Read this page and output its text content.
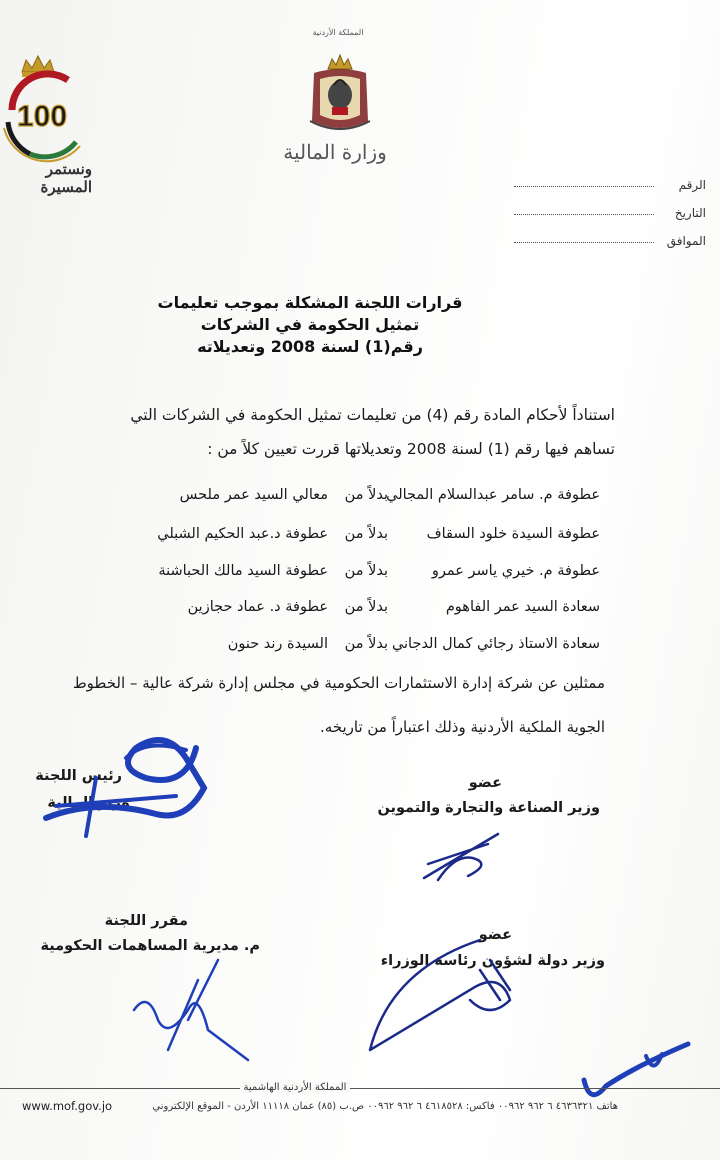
100
ونستمر المسيرة
المملكة الأردنية
وزارة المالية
الرقم
التاريخ
الموافق
قرارات اللجنة المشكلة بموجب تعليمات
تمثيل الحكومة في الشركات
رقم(1) لسنة 2008 وتعديلاته
استناداً لأحكام المادة رقم (4) من تعليمات تمثيل الحكومة في الشركات التي
تساهم فيها رقم (1) لسنة 2008 وتعديلاتها قررت تعيين كلاً من :
عطوفة م. سامر عبدالسلام المجالي
بدلاً من
معالي السيد عمر ملحس
عطوفة السيدة خلود السقاف
بدلاً من
عطوفة د.عبد الحكيم الشبلي
عطوفة م. خيري ياسر عمرو
بدلاً من
عطوفة السيد مالك الحباشنة
سعادة السيد عمر الفاهوم
بدلاً من
عطوفة د. عماد حجازين
سعادة الاستاذ رجائي كمال الدجاني
بدلاً من
السيدة رند حنون
ممثلين عن شركة إدارة الاستثمارات الحكومية في مجلس إدارة شركة عالية – الخطوط
الجوية الملكية الأردنية وذلك اعتباراً من تاريخه.
رئيس اللجنة
وزير المالية
عضو
وزير الصناعة والتجارة والتموين
مقرر اللجنة
م. مديرية المساهمات الحكومية
عضو
وزير دولة لشؤون رئاسة الوزراء
المملكة الأردنية الهاشمية
www.mof.gov.jo	هاتف ٤٦٣٦٣٢١ ٦ ٩٦٢ ٠٠٩٦٢ فاكس: ٤٦١٨٥٢٨ ٦ ٩٦٢ ٠٠٩٦٢ ص.ب (٨٥) عمان ١١١١٨ الأردن - الموقع الإلكتروني
